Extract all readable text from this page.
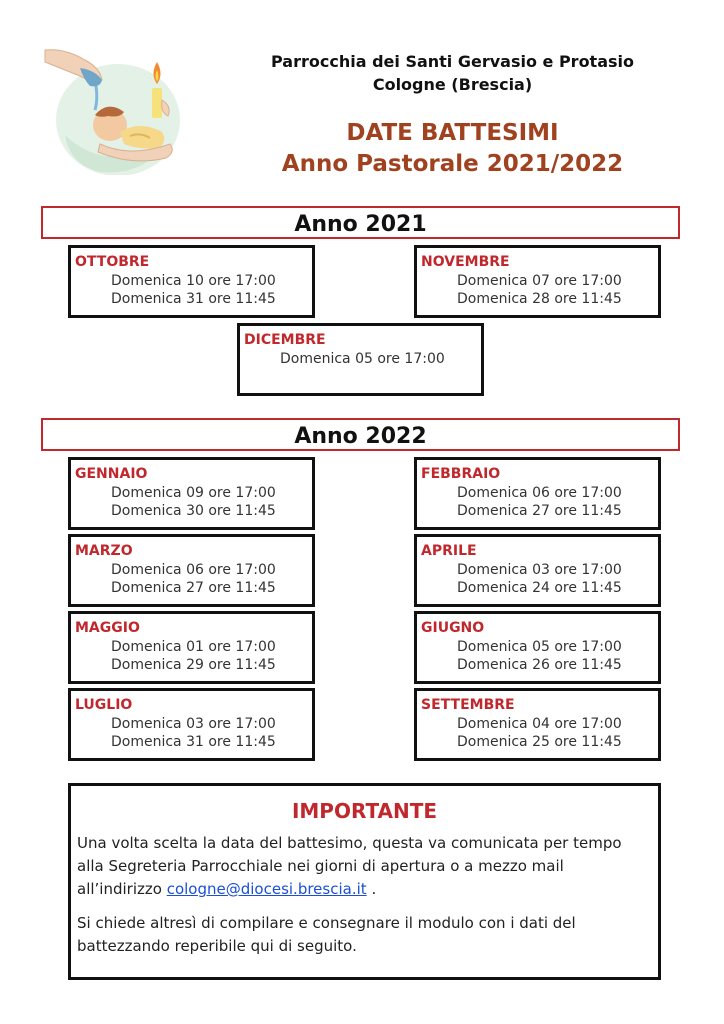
Parrocchia dei Santi Gervasio e Protasio
Cologne (Brescia)
DATE BATTESIMI
Anno Pastorale 2021/2022
Anno 2021
OTTOBRE
Domenica 10 ore 17:00
Domenica 31 ore 11:45
NOVEMBRE
Domenica 07 ore 17:00
Domenica 28 ore 11:45
DICEMBRE
Domenica 05 ore 17:00
Anno 2022
GENNAIO
Domenica 09 ore 17:00
Domenica 30 ore 11:45
FEBBRAIO
Domenica 06 ore 17:00
Domenica 27 ore 11:45
MARZO
Domenica 06 ore 17:00
Domenica 27 ore 11:45
APRILE
Domenica 03 ore 17:00
Domenica 24 ore 11:45
MAGGIO
Domenica 01 ore 17:00
Domenica 29 ore 11:45
GIUGNO
Domenica 05 ore 17:00
Domenica 26 ore 11:45
LUGLIO
Domenica 03 ore 17:00
Domenica 31 ore 11:45
SETTEMBRE
Domenica 04 ore 17:00
Domenica 25 ore 11:45
IMPORTANTE

Una volta scelta la data del battesimo, questa va comunicata per tempo alla Segreteria Parrocchiale nei giorni di apertura o a mezzo mail all’indirizzo cologne@diocesi.brescia.it .

Si chiede altresì di compilare e consegnare il modulo con i dati del battezzando reperibile qui di seguito.
